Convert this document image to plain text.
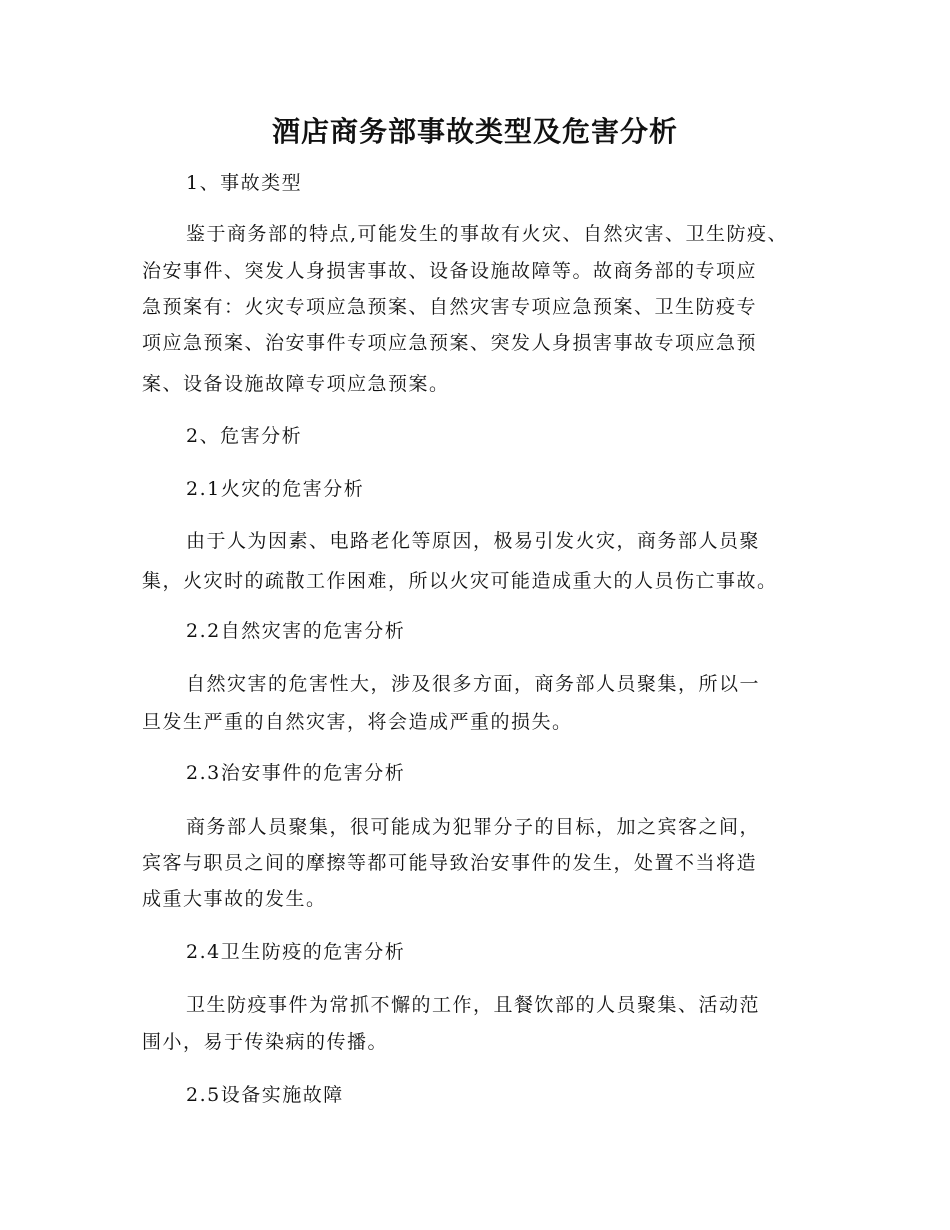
酒店商务部事故类型及危害分析
1、事故类型
鉴于商务部的特点,可能发生的事故有火灾、自然灾害、卫生防疫、
治安事件、突发人身损害事故、设备设施故障等。故商务部的专项应
急预案有：火灾专项应急预案、自然灾害专项应急预案、卫生防疫专
项应急预案、治安事件专项应急预案、突发人身损害事故专项应急预
案、设备设施故障专项应急预案。
2、危害分析
2.1火灾的危害分析
由于人为因素、电路老化等原因，极易引发火灾，商务部人员聚
集，火灾时的疏散工作困难，所以火灾可能造成重大的人员伤亡事故。
2.2自然灾害的危害分析
自然灾害的危害性大，涉及很多方面，商务部人员聚集，所以一
旦发生严重的自然灾害，将会造成严重的损失。
2.3治安事件的危害分析
商务部人员聚集，很可能成为犯罪分子的目标，加之宾客之间，
宾客与职员之间的摩擦等都可能导致治安事件的发生，处置不当将造
成重大事故的发生。
2.4卫生防疫的危害分析
卫生防疫事件为常抓不懈的工作，且餐饮部的人员聚集、活动范
围小，易于传染病的传播。
2.5设备实施故障
